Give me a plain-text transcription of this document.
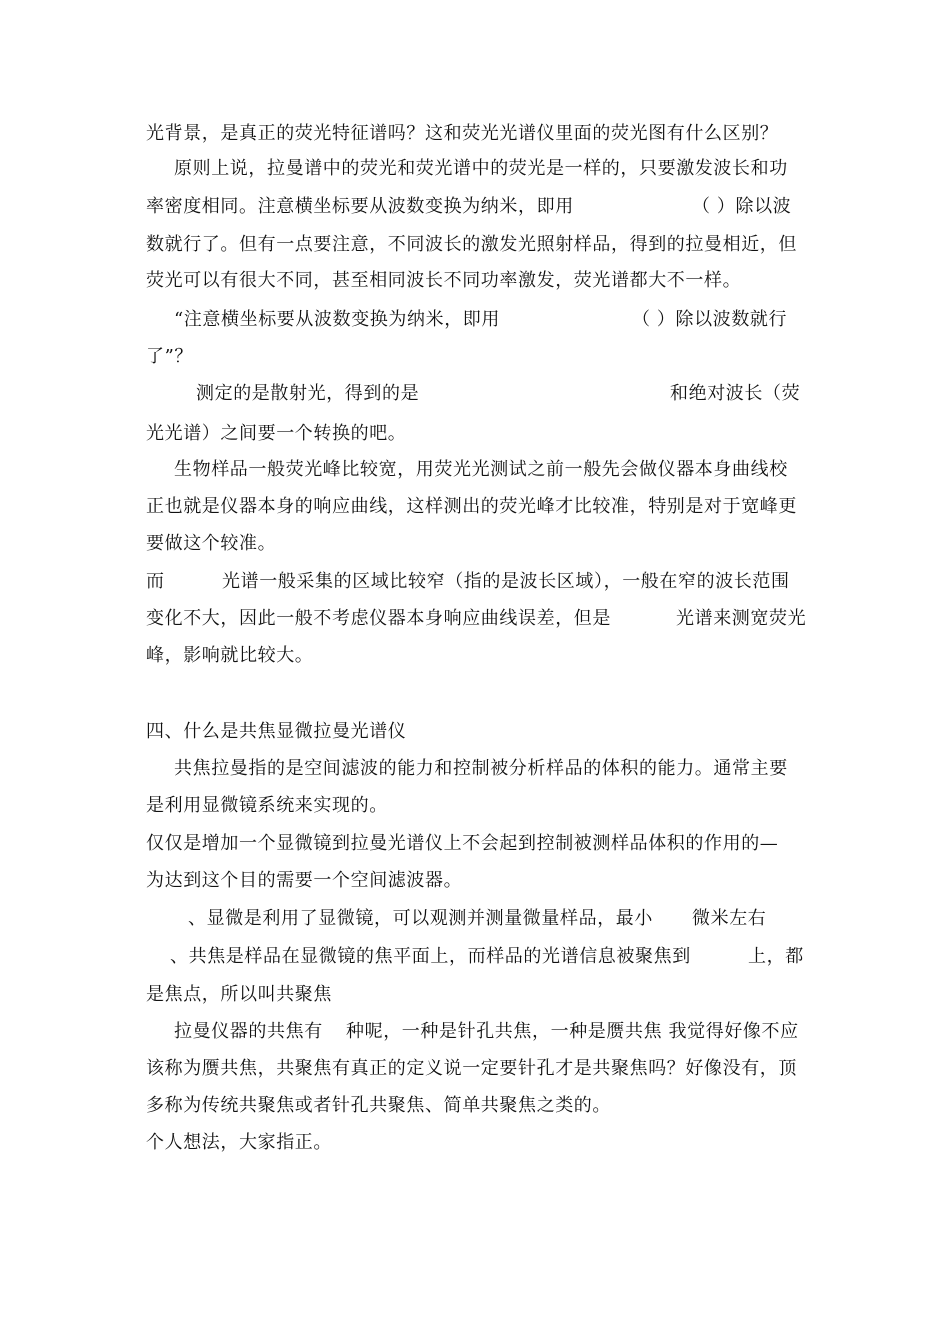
光背景，是真正的荧光特征谱吗？这和荧光光谱仪里面的荧光图有什么区别？
原则上说，拉曼谱中的荧光和荧光谱中的荧光是一样的，只要激发波长和功
率密度相同。注意横坐标要从波数变换为纳米，即用	（ ）除以波
数就行了。但有一点要注意，不同波长的激发光照射样品，得到的拉曼相近，但
荧光可以有很大不同，甚至相同波长不同功率激发，荧光谱都大不一样。
“注意横坐标要从波数变换为纳米，即用	（ ）除以波数就行
了”？
测定的是散射光，得到的是	和绝对波长（荧
光光谱）之间要一个转换的吧。
生物样品一般荧光峰比较宽，用荧光光测试之前一般先会做仪器本身曲线校
正也就是仪器本身的响应曲线，这样测出的荧光峰才比较准，特别是对于宽峰更
要做这个较准。
而	光谱一般采集的区域比较窄（指的是波长区域），一般在窄的波长范围
变化不大，因此一般不考虑仪器本身响应曲线误差，但是	光谱来测宽荧光
峰，影响就比较大。
四、什么是共焦显微拉曼光谱仪
共焦拉曼指的是空间滤波的能力和控制被分析样品的体积的能力。通常主要
是利用显微镜系统来实现的。
仅仅是增加一个显微镜到拉曼光谱仪上不会起到控制被测样品体积的作用的—
为达到这个目的需要一个空间滤波器。
、显微是利用了显微镜，可以观测并测量微量样品，最小 微米左右
、共焦是样品在显微镜的焦平面上，而样品的光谱信息被聚焦到	上，都
是焦点，所以叫共聚焦
拉曼仪器的共焦有 种呢，一种是针孔共焦，一种是赝共焦 我觉得好像不应
该称为赝共焦，共聚焦有真正的定义说一定要针孔才是共聚焦吗？好像没有，顶
多称为传统共聚焦或者针孔共聚焦、简单共聚焦之类的。
个人想法，大家指正。
